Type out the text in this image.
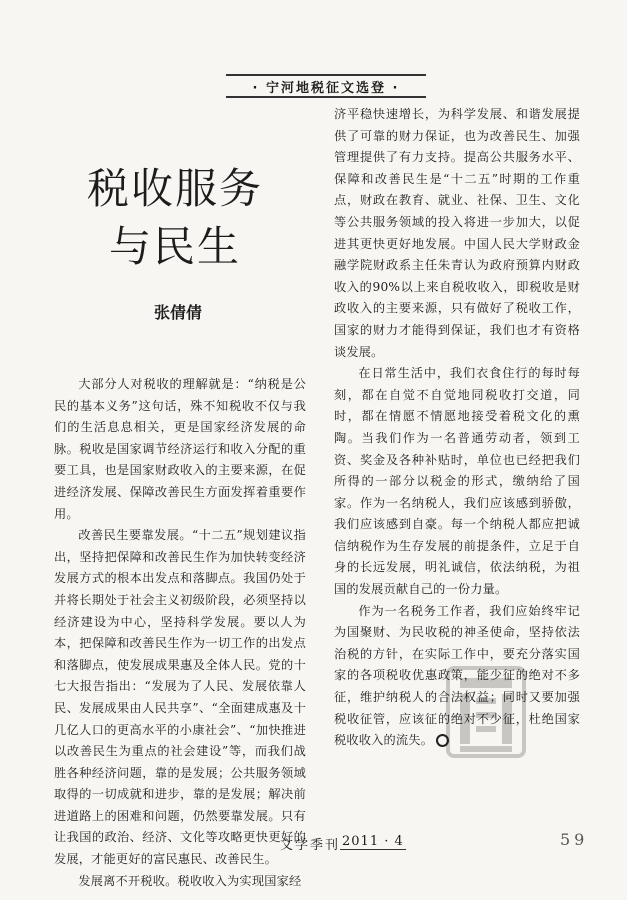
· 宁河地税征文选登 ·
税收服务
与民生
张倩倩

大部分人对税收的理解就是：“纳税是公民的基本义务”这句话，殊不知税收不仅与我们的生活息息相关，更是国家经济发展的命脉。税收是国家调节经济运行和收入分配的重要工具，也是国家财政收入的主要来源，在促进经济发展、保障改善民生方面发挥着重要作用。

改善民生要靠发展。“十二五”规划建议指出，坚持把保障和改善民生作为加快转变经济发展方式的根本出发点和落脚点。我国仍处于并将长期处于社会主义初级阶段，必须坚持以经济建设为中心，坚持科学发展。要以人为本，把保障和改善民生作为一切工作的出发点和落脚点，使发展成果惠及全体人民。党的十七大报告指出：“发展为了人民、发展依靠人民、发展成果由人民共享”、“全面建成惠及十几亿人口的更高水平的小康社会”、“加快推进以改善民生为重点的社会建设”等，而我们战胜各种经济问题，靠的是发展；公共服务领域取得的一切成就和进步，靠的是发展；解决前进道路上的困难和问题，仍然要靠发展。只有让我国的政治、经济、文化等攻略更快更好的发展，才能更好的富民惠民、改善民生。

发展离不开税收。税收收入为实现国家经

济平稳快速增长，为科学发展、和谐发展提供了可靠的财力保证，也为改善民生、加强管理提供了有力支持。提高公共服务水平、保障和改善民生是“十二五”时期的工作重点，财政在教育、就业、社保、卫生、文化等公共服务领域的投入将进一步加大，以促进其更快更好地发展。中国人民大学财政金融学院财政系主任朱青认为政府预算内财政收入的90%以上来自税收收入，即税收是财政收入的主要来源，只有做好了税收工作，国家的财力才能得到保证，我们也才有资格谈发展。

在日常生活中，我们衣食住行的每时每刻，都在自觉不自觉地同税收打交道，同时，都在情愿不情愿地接受着税文化的熏陶。当我们作为一名普通劳动者，领到工资、奖金及各种补贴时，单位也已经把我们所得的一部分以税金的形式，缴纳给了国家。作为一名纳税人，我们应该感到骄傲，我们应该感到自豪。每一个纳税人都应把诚信纳税作为生存发展的前提条件，立足于自身的长远发展，明礼诚信，依法纳税，为祖国的发展贡献自己的一份力量。

作为一名税务工作者，我们应始终牢记为国聚财、为民收税的神圣使命，坚持依法治税的方针，在实际工作中，要充分落实国家的各项税收优惠政策，能少征的绝对不多征，维护纳税人的合法权益；同时又要加强税收征管，应该征的绝对不少征，杜绝国家税收收入的流失。

文学季刊 2011 · 4	59
